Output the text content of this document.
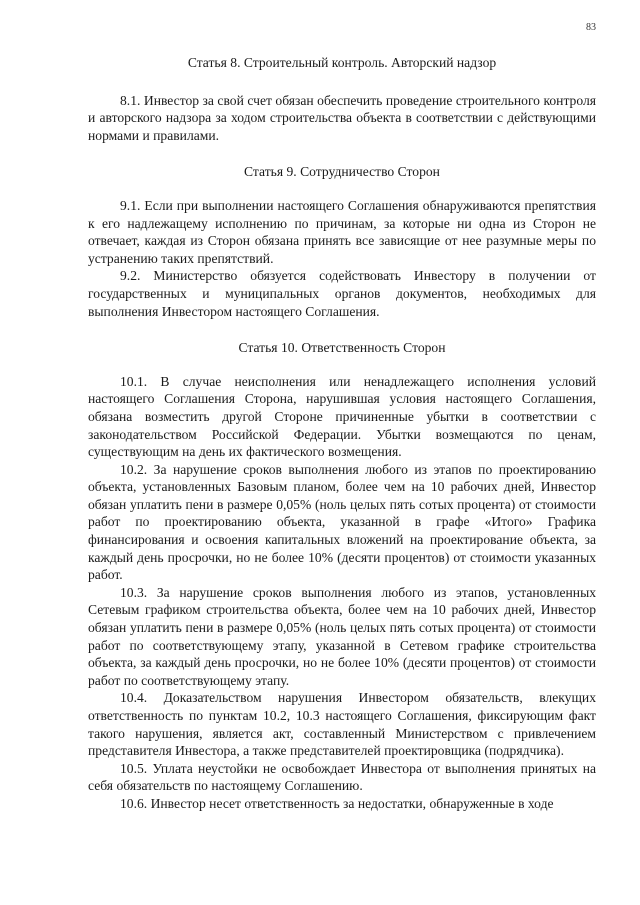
83

Статья 8. Строительный контроль. Авторский надзор

8.1. Инвестор за свой счет обязан обеспечить проведение строительного контроля и авторского надзора за ходом строительства объекта в соответствии с действующими нормами и правилами.

Статья 9. Сотрудничество Сторон

9.1. Если при выполнении настоящего Соглашения обнаруживаются препятствия к его надлежащему исполнению по причинам, за которые ни одна из Сторон не отвечает, каждая из Сторон обязана принять все зависящие от нее разумные меры по устранению таких препятствий.

9.2. Министерство обязуется содействовать Инвестору в получении от государственных и муниципальных органов документов, необходимых для выполнения Инвестором настоящего Соглашения.

Статья 10. Ответственность Сторон

10.1. В случае неисполнения или ненадлежащего исполнения условий настоящего Соглашения Сторона, нарушившая условия настоящего Соглашения, обязана возместить другой Стороне причиненные убытки в соответствии с законодательством Российской Федерации. Убытки возмещаются по ценам, существующим на день их фактического возмещения.

10.2. За нарушение сроков выполнения любого из этапов по проектированию объекта, установленных Базовым планом, более чем на 10 рабочих дней, Инвестор обязан уплатить пени в размере 0,05% (ноль целых пять сотых процента) от стоимости работ по проектированию объекта, указанной в графе «Итого» Графика финансирования и освоения капитальных вложений на проектирование объекта, за каждый день просрочки, но не более 10% (десяти процентов) от стоимости указанных работ.

10.3. За нарушение сроков выполнения любого из этапов, установленных Сетевым графиком строительства объекта, более чем на 10 рабочих дней, Инвестор обязан уплатить пени в размере 0,05% (ноль целых пять сотых процента) от стоимости работ по соответствующему этапу, указанной в Сетевом графике строительства объекта, за каждый день просрочки, но не более 10% (десяти процентов) от стоимости работ по соответствующему этапу.

10.4. Доказательством нарушения Инвестором обязательств, влекущих ответственность по пунктам 10.2, 10.3 настоящего Соглашения, фиксирующим факт такого нарушения, является акт, составленный Министерством с привлечением представителя Инвестора, а также представителей проектировщика (подрядчика).

10.5. Уплата неустойки не освобождает Инвестора от выполнения принятых на себя обязательств по настоящему Соглашению.

10.6. Инвестор несет ответственность за недостатки, обнаруженные в ходе
